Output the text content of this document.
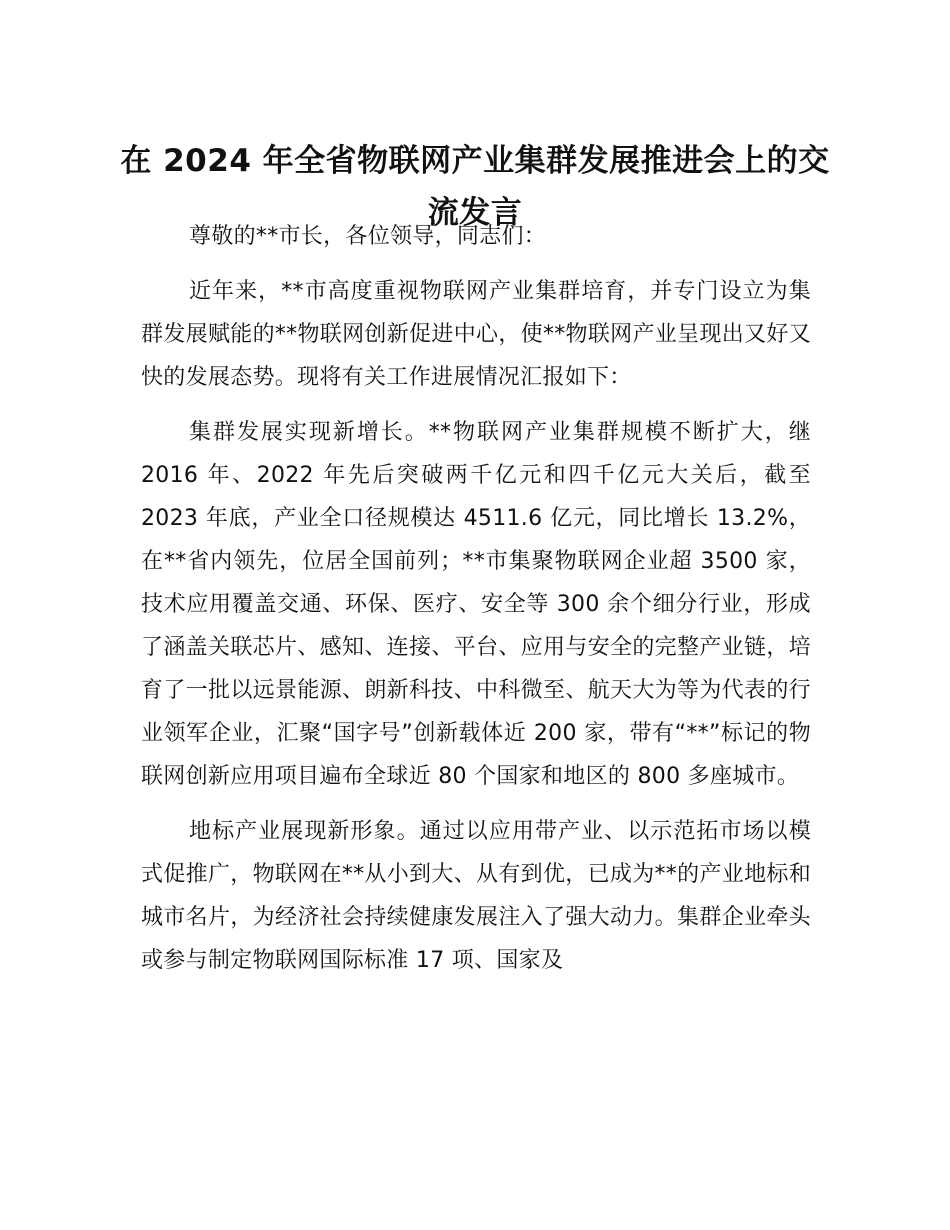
在 2024 年全省物联网产业集群发展推进会上的交流发言

尊敬的**市长，各位领导，同志们：

近年来，**市高度重视物联网产业集群培育，并专门设立为集群发展赋能的**物联网创新促进中心，使**物联网产业呈现出又好又快的发展态势。现将有关工作进展情况汇报如下：

集群发展实现新增长。**物联网产业集群规模不断扩大，继 2016 年、2022 年先后突破两千亿元和四千亿元大关后，截至 2023 年底，产业全口径规模达 4511.6 亿元，同比增长 13.2%，在**省内领先，位居全国前列；**市集聚物联网企业超 3500 家，技术应用覆盖交通、环保、医疗、安全等 300 余个细分行业，形成了涵盖关联芯片、感知、连接、平台、应用与安全的完整产业链，培育了一批以远景能源、朗新科技、中科微至、航天大为等为代表的行业领军企业，汇聚“国字号”创新载体近 200 家，带有“**”标记的物联网创新应用项目遍布全球近 80 个国家和地区的 800 多座城市。

地标产业展现新形象。通过以应用带产业、以示范拓市场以模式促推广，物联网在**从小到大、从有到优，已成为**的产业地标和城市名片，为经济社会持续健康发展注入了强大动力。集群企业牵头或参与制定物联网国际标准 17 项、国家及
